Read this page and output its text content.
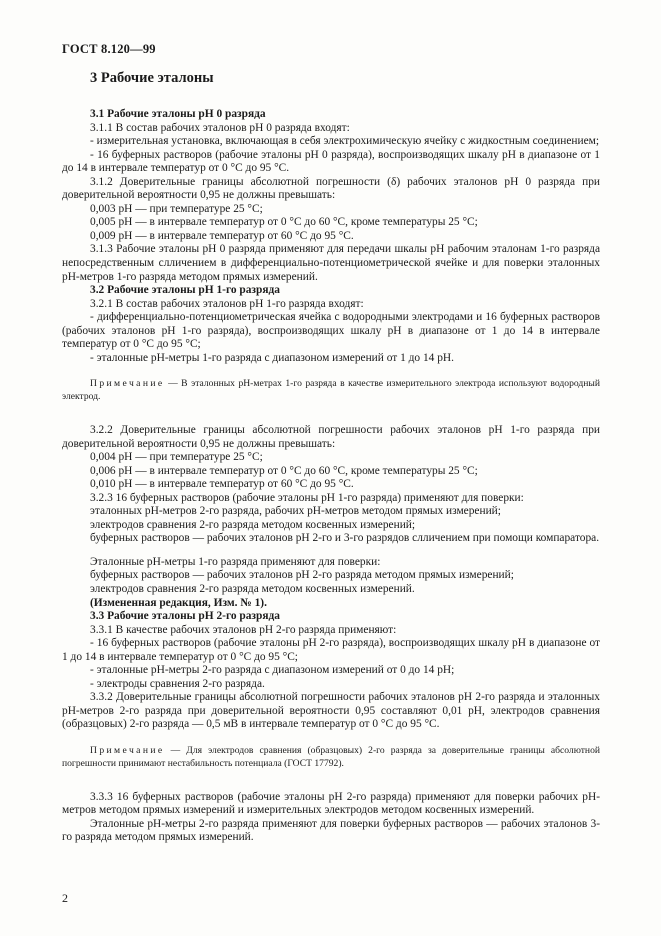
ГОСТ 8.120—99
3 Рабочие эталоны

3.1 Рабочие эталоны рН 0 разряда

3.1.1 В состав рабочих эталонов рН 0 разряда входят:

- измерительная установка, включающая в себя электрохимическую ячейку с жидкостным соединением;

- 16 буферных растворов (рабочие эталоны рН 0 разряда), воспроизводящих шкалу рН в диапазоне от 1 до 14 в интервале температур от 0 °С до 95 °С.

3.1.2 Доверительные границы абсолютной погрешности (δ) рабочих эталонов рН 0 разряда при доверительной вероятности 0,95 не должны превышать:

0,003 рН — при температуре 25 °С;

0,005 рН — в интервале температур от 0 °С до 60 °С, кроме температуры 25 °С;

0,009 рН — в интервале температур от 60 °С до 95 °С.

3.1.3 Рабочие эталоны рН 0 разряда применяют для передачи шкалы рН рабочим эталонам 1-го разряда непосредственным слличением в дифференциально-потенциометрической ячейке и для поверки эталонных рН-метров 1-го разряда методом прямых измерений.

3.2 Рабочие эталоны рН 1-го разряда

3.2.1 В состав рабочих эталонов рН 1-го разряда входят:

- дифференциально-потенциометрическая ячейка с водородными электродами и 16 буферных растворов (рабочих эталонов рН 1-го разряда), воспроизводящих шкалу рН в диапазоне от 1 до 14 в интервале температур от 0 °С до 95 °С;

- эталонные рН-метры 1-го разряда с диапазоном измерений от 1 до 14 рН.

Примечание — В эталонных рН-метрах 1-го разряда в качестве измерительного электрода используют водородный электрод.

3.2.2 Доверительные границы абсолютной погрешности рабочих эталонов рН 1-го разряда при доверительной вероятности 0,95 не должны превышать:

0,004 рН — при температуре 25 °С;

0,006 рН — в интервале температур от 0 °С до 60 °С, кроме температуры 25 °С;

0,010 рН — в интервале температур от 60 °С до 95 °С.

3.2.3 16 буферных растворов (рабочие эталоны рН 1-го разряда) применяют для поверки:

эталонных рН-метров 2-го разряда, рабочих рН-метров методом прямых измерений;

электродов сравнения 2-го разряда методом косвенных измерений;

буферных растворов — рабочих эталонов рН 2-го и 3-го разрядов слличением при помощи компаратора.

Эталонные рН-метры 1-го разряда применяют для поверки:

буферных растворов — рабочих эталонов рН 2-го разряда методом прямых измерений;

электродов сравнения 2-го разряда методом косвенных измерений.

(Измененная редакция, Изм. № 1).

3.3 Рабочие эталоны рН 2-го разряда

3.3.1 В качестве рабочих эталонов рН 2-го разряда применяют:

- 16 буферных растворов (рабочие эталоны рН 2-го разряда), воспроизводящих шкалу рН в диапазоне от 1 до 14 в интервале температур от 0 °С до 95 °С;

- эталонные рН-метры 2-го разряда с диапазоном измерений от 0 до 14 рН;

- электроды сравнения 2-го разряда.

3.3.2 Доверительные границы абсолютной погрешности рабочих эталонов рН 2-го разряда и эталонных рН-метров 2-го разряда при доверительной вероятности 0,95 составляют 0,01 рН, электродов сравнения (образцовых) 2-го разряда — 0,5 мВ в интервале температур от 0 °С до 95 °С.

Примечание — Для электродов сравнения (образцовых) 2-го разряда за доверительные границы абсолютной погрешности принимают нестабильность потенциала (ГОСТ 17792).

3.3.3 16 буферных растворов (рабочие эталоны рН 2-го разряда) применяют для поверки рабочих рН-метров методом прямых измерений и измерительных электродов методом косвенных измерений.

Эталонные рН-метры 2-го разряда применяют для поверки буферных растворов — рабочих эталонов 3-го разряда методом прямых измерений.

2
